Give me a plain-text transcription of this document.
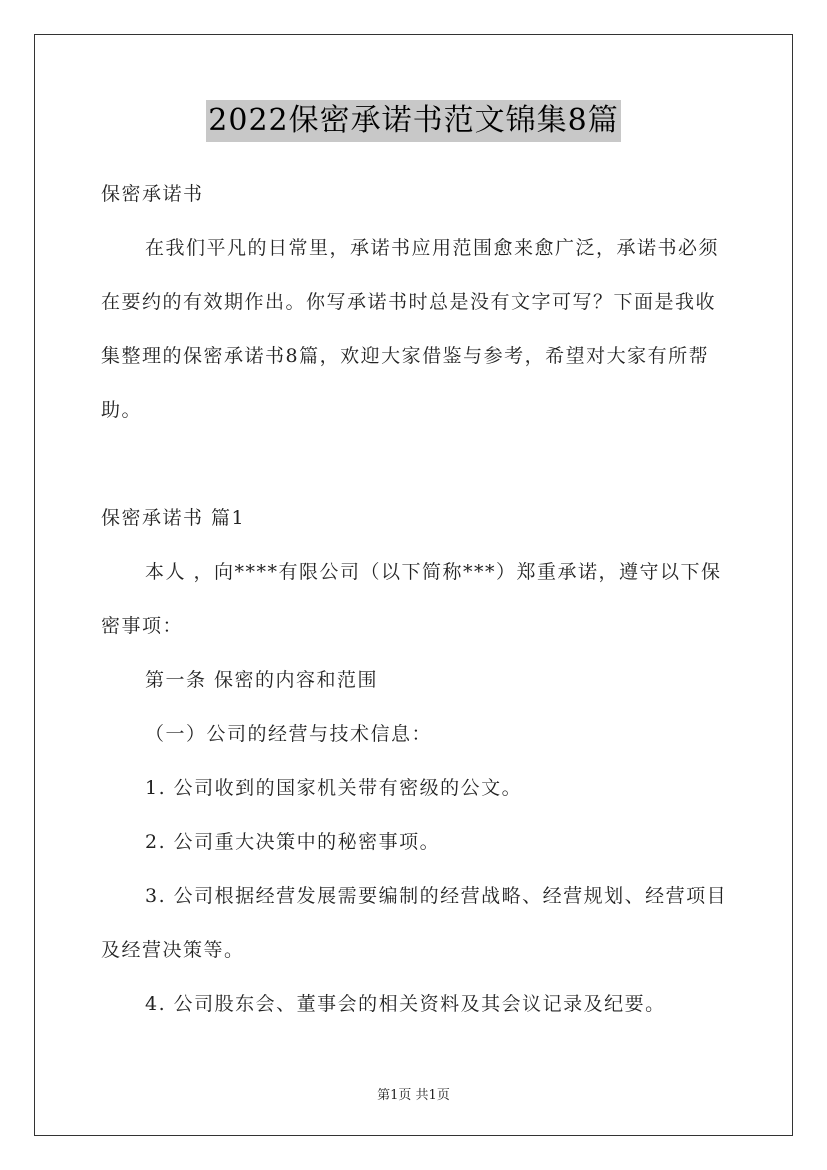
2022保密承诺书范文锦集8篇
保密承诺书
在我们平凡的日常里，承诺书应用范围愈来愈广泛，承诺书必须
在要约的有效期作出。你写承诺书时总是没有文字可写？下面是我收
集整理的保密承诺书8篇，欢迎大家借鉴与参考，希望对大家有所帮
助。
保密承诺书 篇1
本人 ，向****有限公司（以下简称***）郑重承诺，遵守以下保
密事项：
第一条 保密的内容和范围
（一）公司的经营与技术信息：
1. 公司收到的国家机关带有密级的公文。
2. 公司重大决策中的秘密事项。
3. 公司根据经营发展需要编制的经营战略、经营规划、经营项目
及经营决策等。
4. 公司股东会、董事会的相关资料及其会议记录及纪要。
第1页 共1页
